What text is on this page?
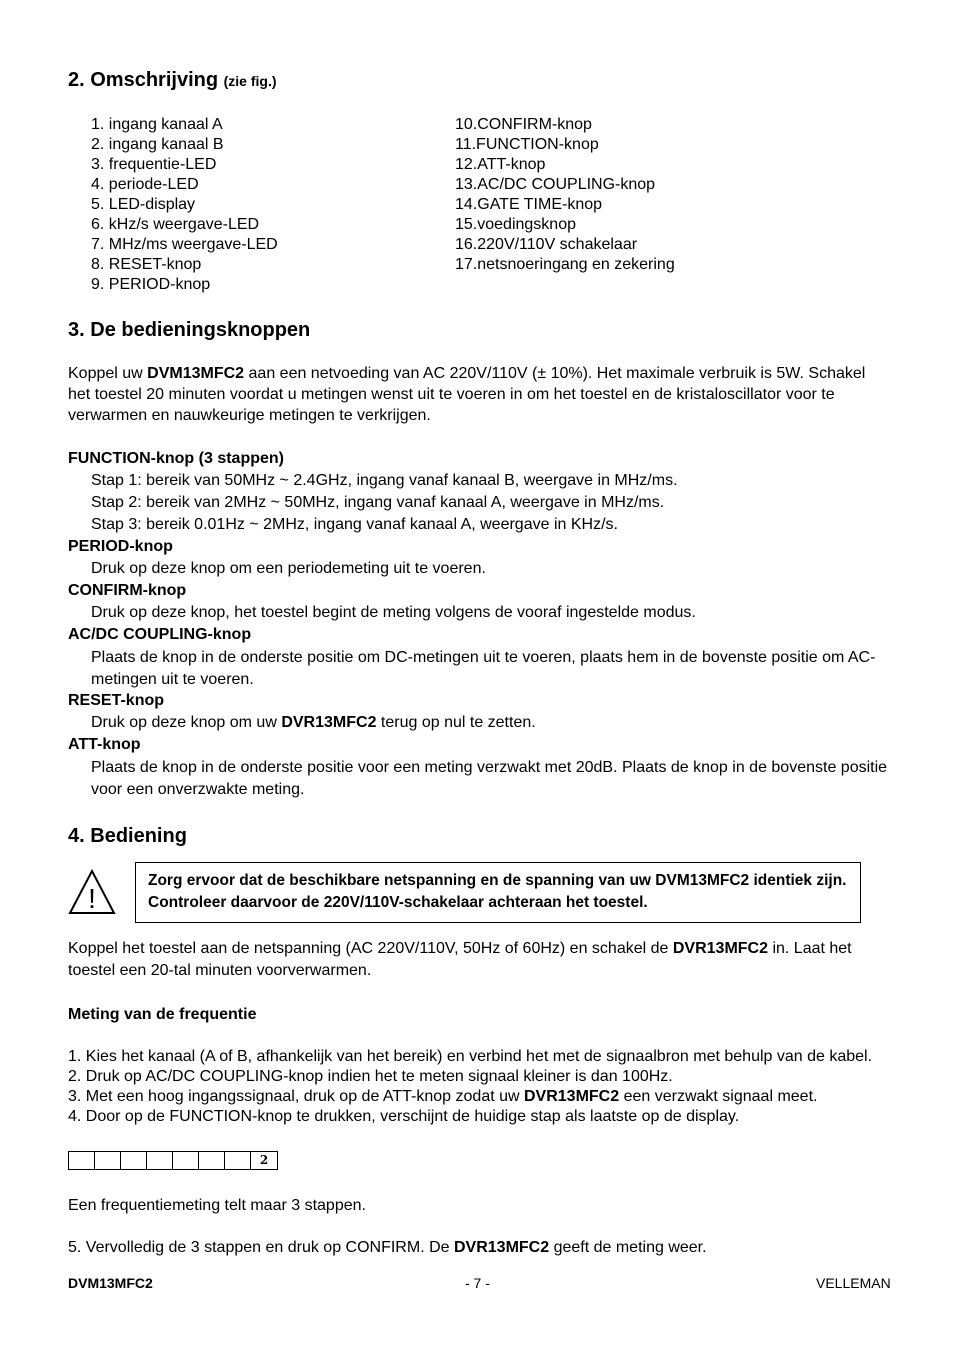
2. Omschrijving (zie fig.)
1. ingang kanaal A
2. ingang kanaal B
3. frequentie-LED
4. periode-LED
5. LED-display
6. kHz/s weergave-LED
7. MHz/ms weergave-LED
8. RESET-knop
9. PERIOD-knop
10.CONFIRM-knop
11.FUNCTION-knop
12.ATT-knop
13.AC/DC COUPLING-knop
14.GATE TIME-knop
15.voedingsknop
16.220V/110V schakelaar
17.netsnoeringang en zekering
3. De bedieningsknoppen
Koppel uw DVM13MFC2 aan een netvoeding van AC 220V/110V (± 10%). Het maximale verbruik is 5W. Schakel het toestel 20 minuten voordat u metingen wenst uit te voeren in om het toestel en de kristaloscillator voor te verwarmen en nauwkeurige metingen te verkrijgen.
FUNCTION-knop (3 stappen)
Stap 1: bereik van 50MHz ~ 2.4GHz, ingang vanaf kanaal B, weergave in MHz/ms.
Stap 2: bereik van 2MHz ~ 50MHz, ingang vanaf kanaal A, weergave in MHz/ms.
Stap 3: bereik 0.01Hz ~ 2MHz, ingang vanaf kanaal A, weergave in KHz/s.
PERIOD-knop
Druk op deze knop om een periodemeting uit te voeren.
CONFIRM-knop
Druk op deze knop, het toestel begint de meting volgens de vooraf ingestelde modus.
AC/DC COUPLING-knop
Plaats de knop in de onderste positie om DC-metingen uit te voeren, plaats hem in de bovenste positie om AC-metingen uit te voeren.
RESET-knop
Druk op deze knop om uw DVR13MFC2 terug op nul te zetten.
ATT-knop
Plaats de knop in de onderste positie voor een meting verzwakt met 20dB. Plaats de knop in de bovenste positie voor een onverzwakte meting.
4. Bediening
!
Zorg ervoor dat de beschikbare netspanning en de spanning van uw DVM13MFC2 identiek zijn. Controleer daarvoor de 220V/110V-schakelaar achteraan het toestel.
Koppel het toestel aan de netspanning (AC 220V/110V, 50Hz of 60Hz) en schakel de DVR13MFC2 in. Laat het toestel een 20-tal minuten voorverwarmen.
Meting van de frequentie
1. Kies het kanaal (A of B, afhankelijk van het bereik) en verbind het met de signaalbron met behulp van de kabel.
2. Druk op AC/DC COUPLING-knop indien het te meten signaal kleiner is dan 100Hz.
3. Met een hoog ingangssignaal, druk op de ATT-knop zodat uw DVR13MFC2 een verzwakt signaal meet.
4. Door op de FUNCTION-knop te drukken, verschijnt de huidige stap als laatste op de display.
2
Een frequentiemeting telt maar 3 stappen.
5. Vervolledig de 3 stappen en druk op CONFIRM. De DVR13MFC2 geeft de meting weer.
DVM13MFC2	- 7 -	VELLEMAN
